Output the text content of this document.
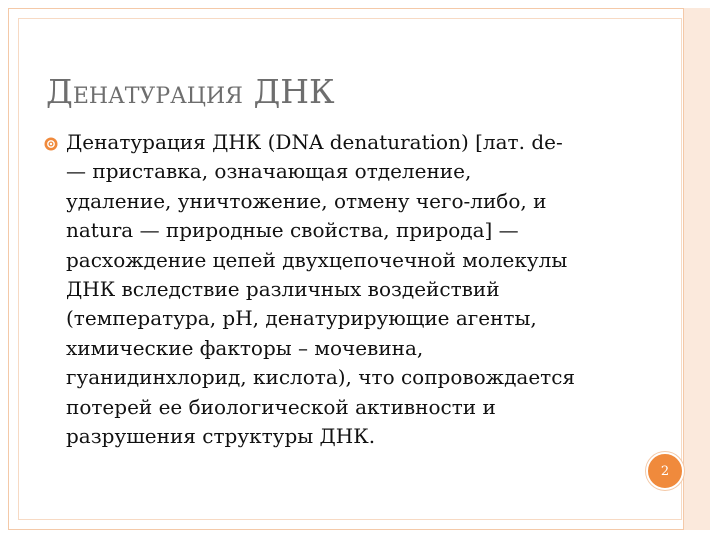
ДЕНАТУРАЦИЯ ДНК
Денатурация ДНК (DNA denaturation) [лат. de-
— приставка, означающая отделение,
удаление, уничтожение, отмену чего-либо, и
natura — природные свойства, природа] —
расхождение цепей двухцепочечной молекулы
ДНК вследствие различных воздействий
(температура, pH, денатурирующие агенты,
химические факторы – мочевина,
гуанидинхлорид, кислота), что сопровождается
потерей ее биологической активности и
разрушения структуры ДНК.
2
